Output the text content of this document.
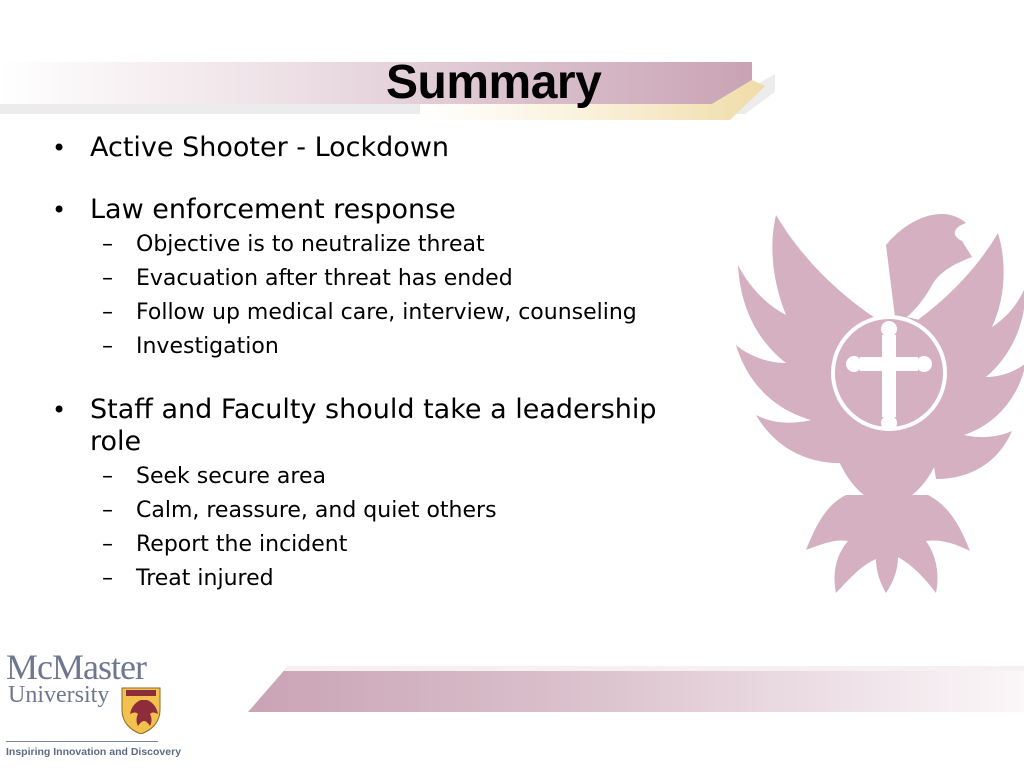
Summary
• Active Shooter - Lockdown
• Law enforcement response
– Objective is to neutralize threat
– Evacuation after threat has ended
– Follow up medical care, interview, counseling
– Investigation
• Staff and Faculty should take a leadership role
– Seek secure area
– Calm, reassure, and quiet others
– Report the incident
– Treat injured
McMaster
University
Inspiring Innovation and Discovery
